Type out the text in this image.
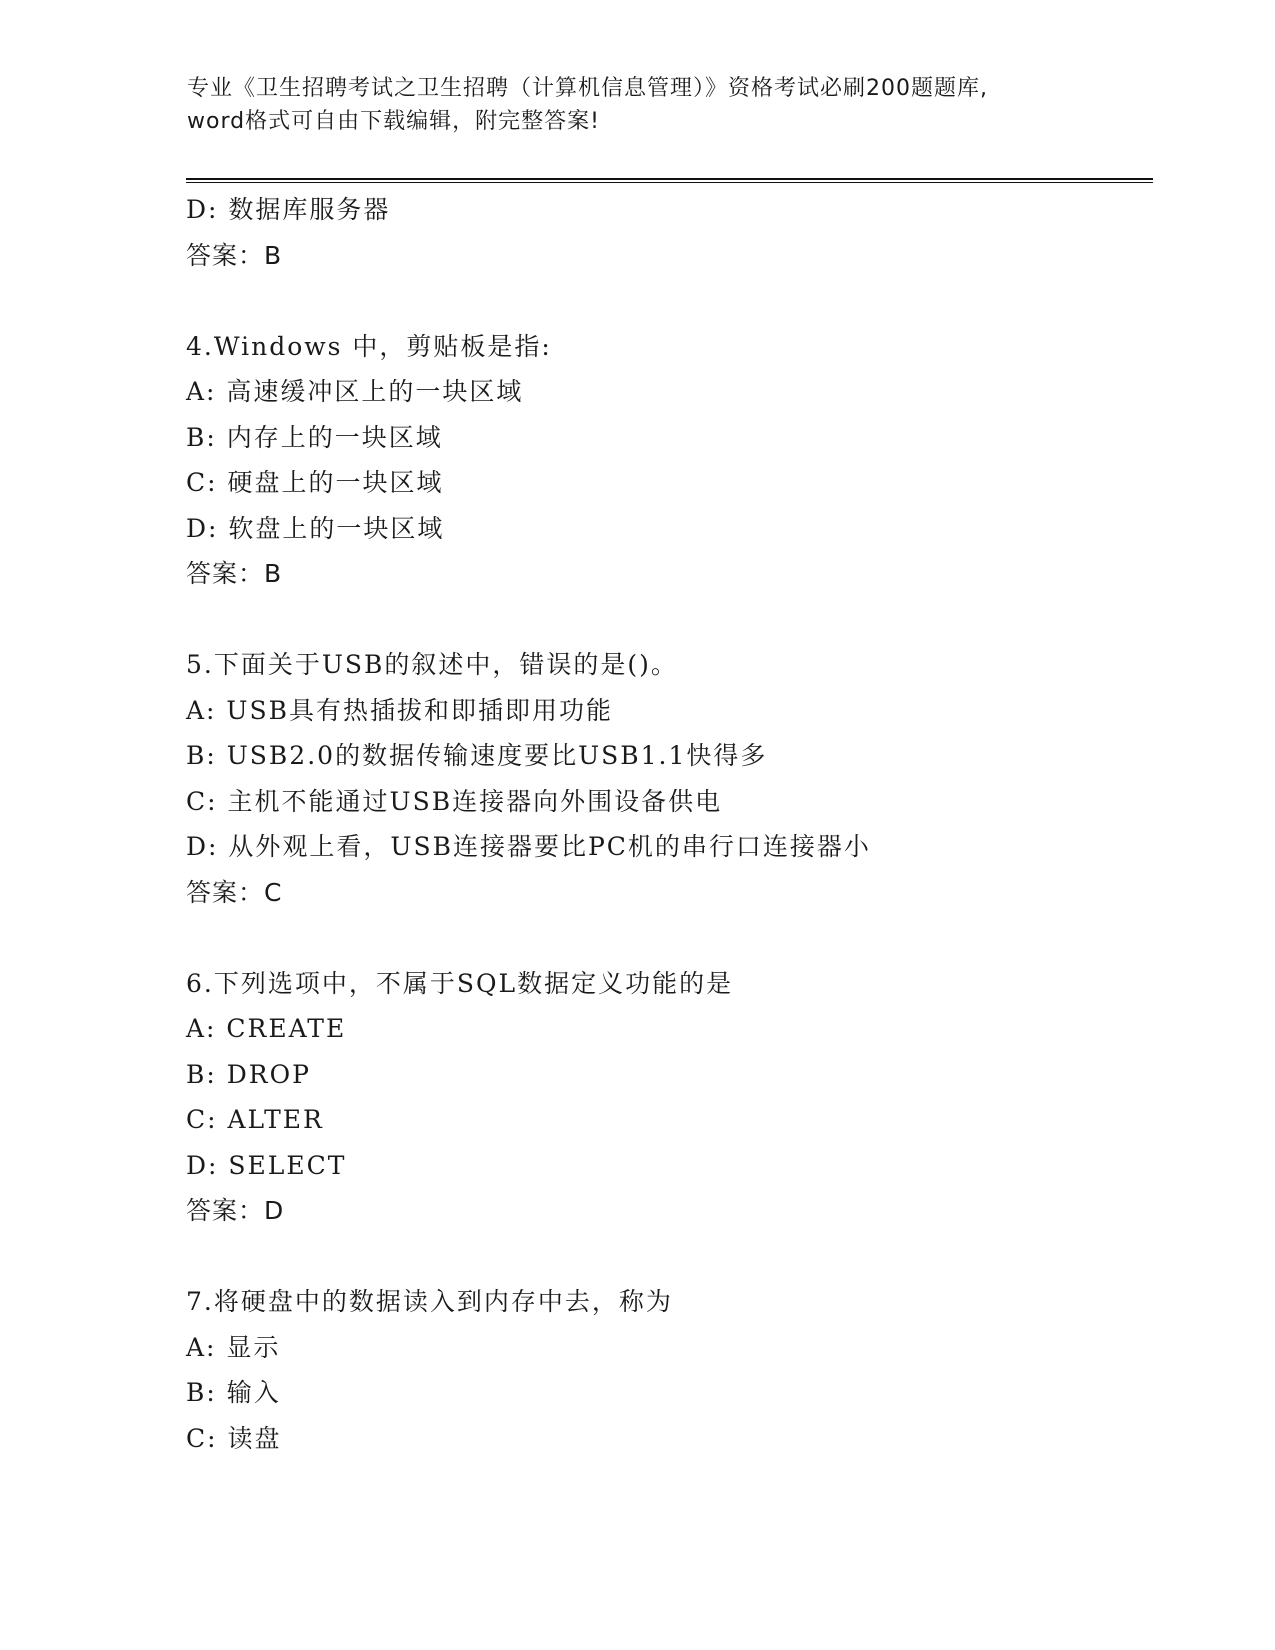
专业《卫生招聘考试之卫生招聘（计算机信息管理）》资格考试必刷200题题库,
word格式可自由下载编辑，附完整答案!
D: 数据库服务器
答案：B
4.Windows 中，剪贴板是指:
A: 高速缓冲区上的一块区域
B: 内存上的一块区域
C: 硬盘上的一块区域
D: 软盘上的一块区域
答案：B
5.下面关于USB的叙述中，错误的是()。
A: USB具有热插拔和即插即用功能
B: USB2.0的数据传输速度要比USB1.1快得多
C: 主机不能通过USB连接器向外围设备供电
D: 从外观上看，USB连接器要比PC机的串行口连接器小
答案：C
6.下列选项中，不属于SQL数据定义功能的是
A: CREATE
B: DROP
C: ALTER
D: SELECT
答案：D
7.将硬盘中的数据读入到内存中去，称为
A: 显示
B: 输入
C: 读盘
